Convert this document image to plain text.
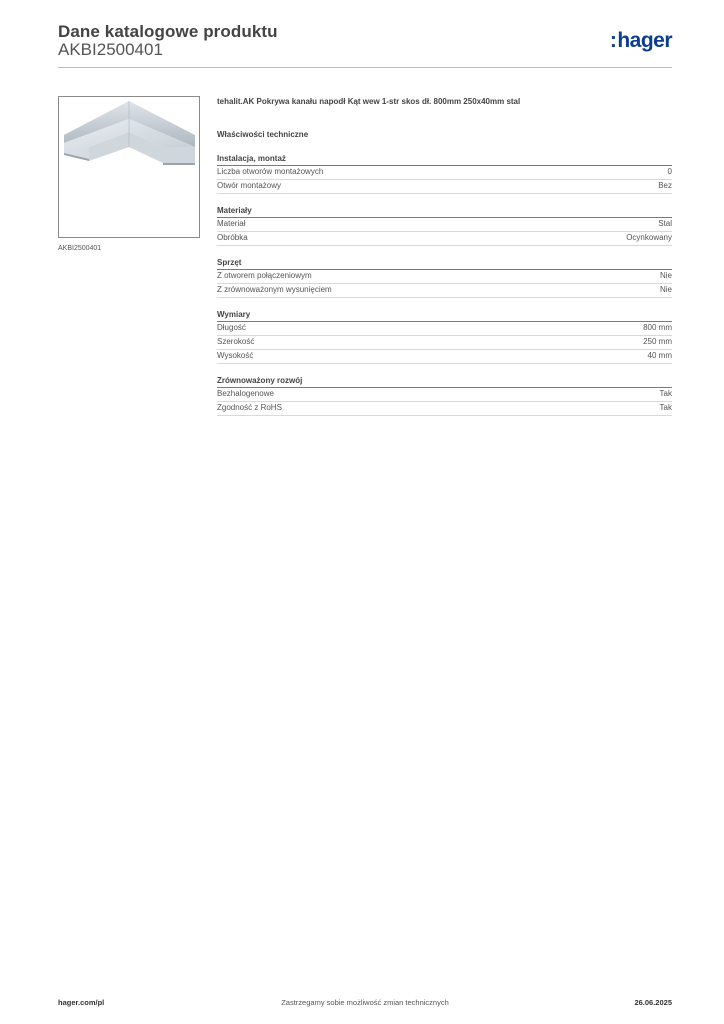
Dane katalogowe produktu
AKBI2500401	:hager
AKBI2500401
tehalit.AK Pokrywa kanału napodł Kąt wew 1-str skos dł. 800mm 250x40mm stal
Właściwości techniczne
Instalacja, montaż
Liczba otworów montażowych	0
Otwór montażowy	Bez
Materiały
Materiał	Stal
Obróbka	Ocynkowany
Sprzęt
Z otworem połączeniowym	Nie
Z zrównoważonym wysunięciem	Nie
Wymiary
Długość	800 mm
Szerokość	250 mm
Wysokość	40 mm
Zrównoważony rozwój
Bezhalogenowe	Tak
Zgodność z RoHS	Tak
hager.com/pl	Zastrzegamy sobie możliwość zmian technicznych	26.06.2025
